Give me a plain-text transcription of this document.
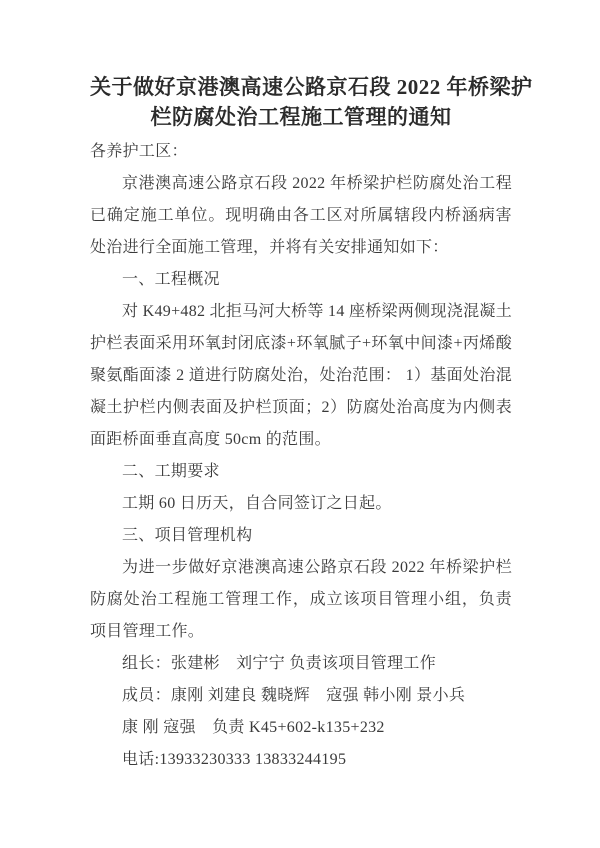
关于做好京港澳高速公路京石段 2022 年桥梁护
栏防腐处治工程施工管理的通知

各养护工区：

京港澳高速公路京石段 2022 年桥梁护栏防腐处治工程已确定施工单位。现明确由各工区对所属辖段内桥涵病害处治进行全面施工管理，并将有关安排通知如下：

一、工程概况

对 K49+482 北拒马河大桥等 14 座桥梁两侧现浇混凝土护栏表面采用环氧封闭底漆+环氧腻子+环氧中间漆+丙烯酸聚氨酯面漆 2 道进行防腐处治，处治范围： 1）基面处治混凝土护栏内侧表面及护栏顶面；2）防腐处治高度为内侧表面距桥面垂直高度 50cm 的范围。

二、工期要求

工期 60 日历天，自合同签订之日起。

三、项目管理机构

为进一步做好京港澳高速公路京石段 2022 年桥梁护栏防腐处治工程施工管理工作，成立该项目管理小组，负责项目管理工作。

组长：张建彬　刘宁宁 负责该项目管理工作

成员：康刚 刘建良 魏晓辉　寇强 韩小刚 景小兵

康 刚 寇强　负责 K45+602-k135+232

电话:13933230333 13833244195
